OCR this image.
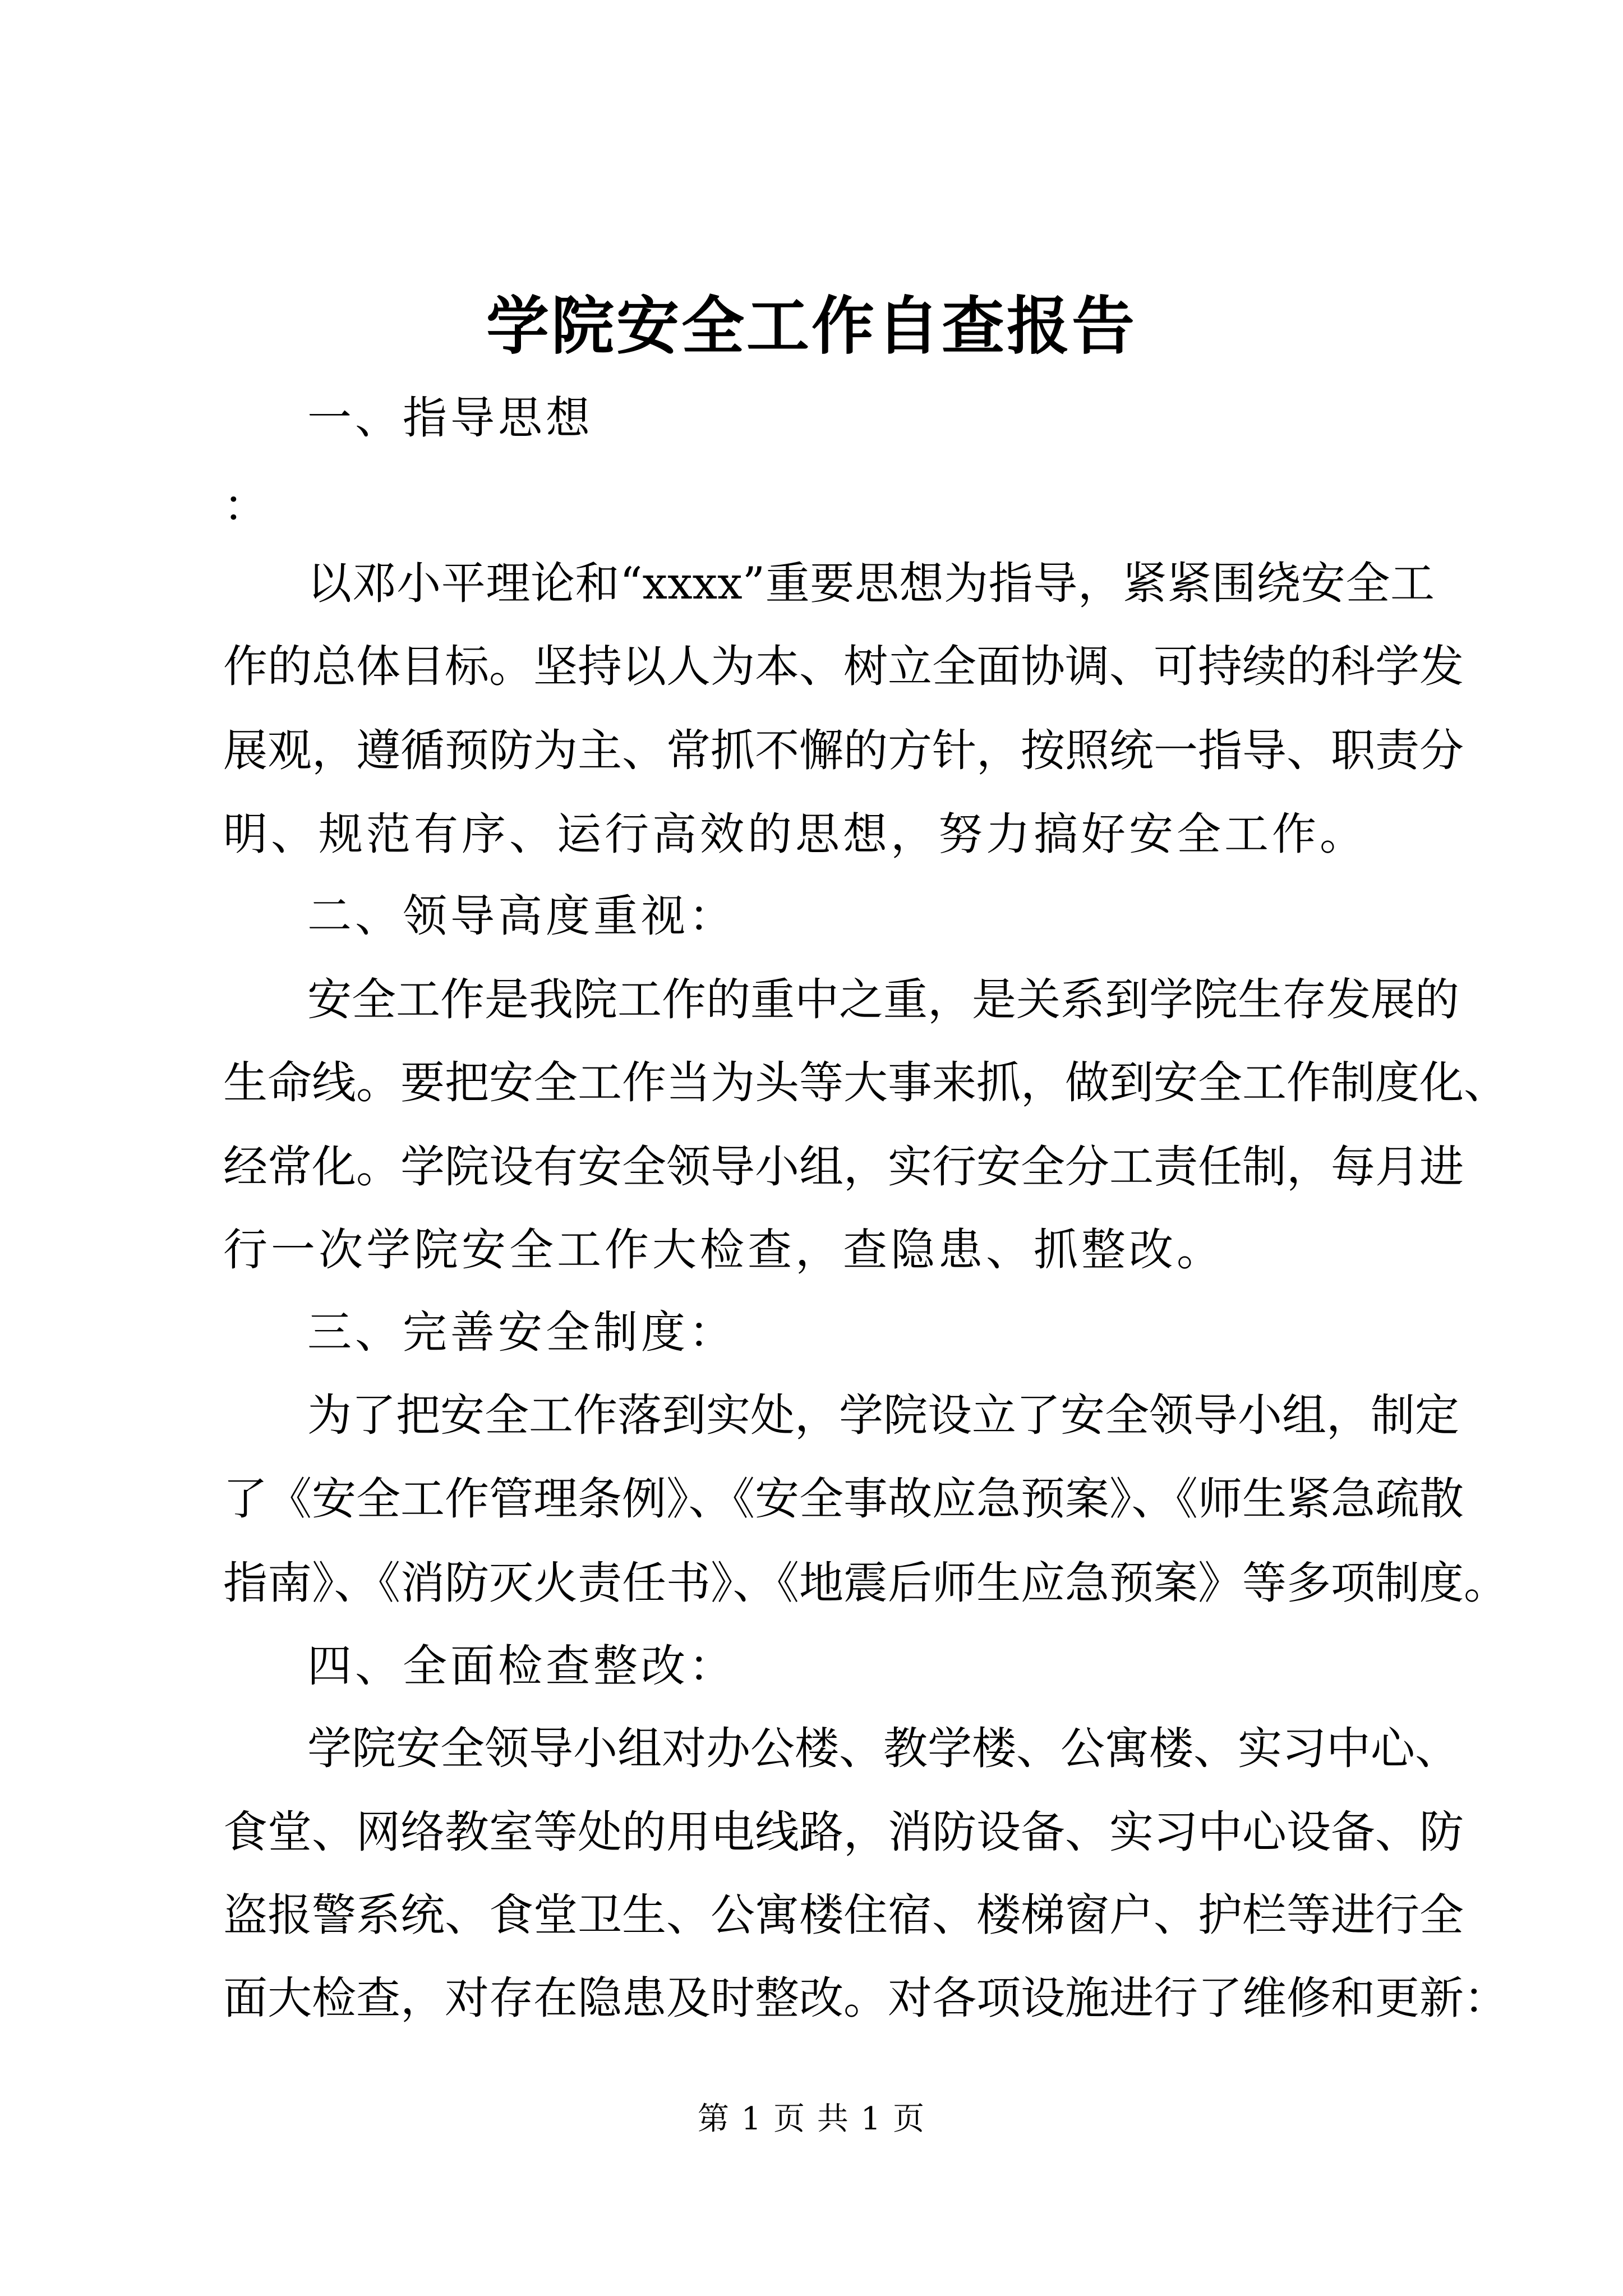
学院安全工作自查报告
一、指导思想
：
以邓小平理论和“xxxx”重要思想为指导，紧紧围绕安全工
作的总体目标。坚持以人为本、树立全面协调、可持续的科学发
展观，遵循预防为主、常抓不懈的方针，按照统一指导、职责分
明、规范有序、运行高效的思想，努力搞好安全工作。
二、领导高度重视：
安全工作是我院工作的重中之重，是关系到学院生存发展的
生命线。要把安全工作当为头等大事来抓，做到安全工作制度化、
经常化。学院设有安全领导小组，实行安全分工责任制，每月进
行一次学院安全工作大检查，查隐患、抓整改。
三、完善安全制度：
为了把安全工作落到实处，学院设立了安全领导小组，制定
了《安全工作管理条例》、《安全事故应急预案》、《师生紧急疏散
指南》、《消防灭火责任书》、《地震后师生应急预案》等多项制度。
四、全面检查整改：
学院安全领导小组对办公楼、教学楼、公寓楼、实习中心、
食堂、网络教室等处的用电线路，消防设备、实习中心设备、防
盗报警系统、食堂卫生、公寓楼住宿、楼梯窗户、护栏等进行全
面大检查，对存在隐患及时整改。对各项设施进行了维修和更新：
第 1 页 共 1 页
